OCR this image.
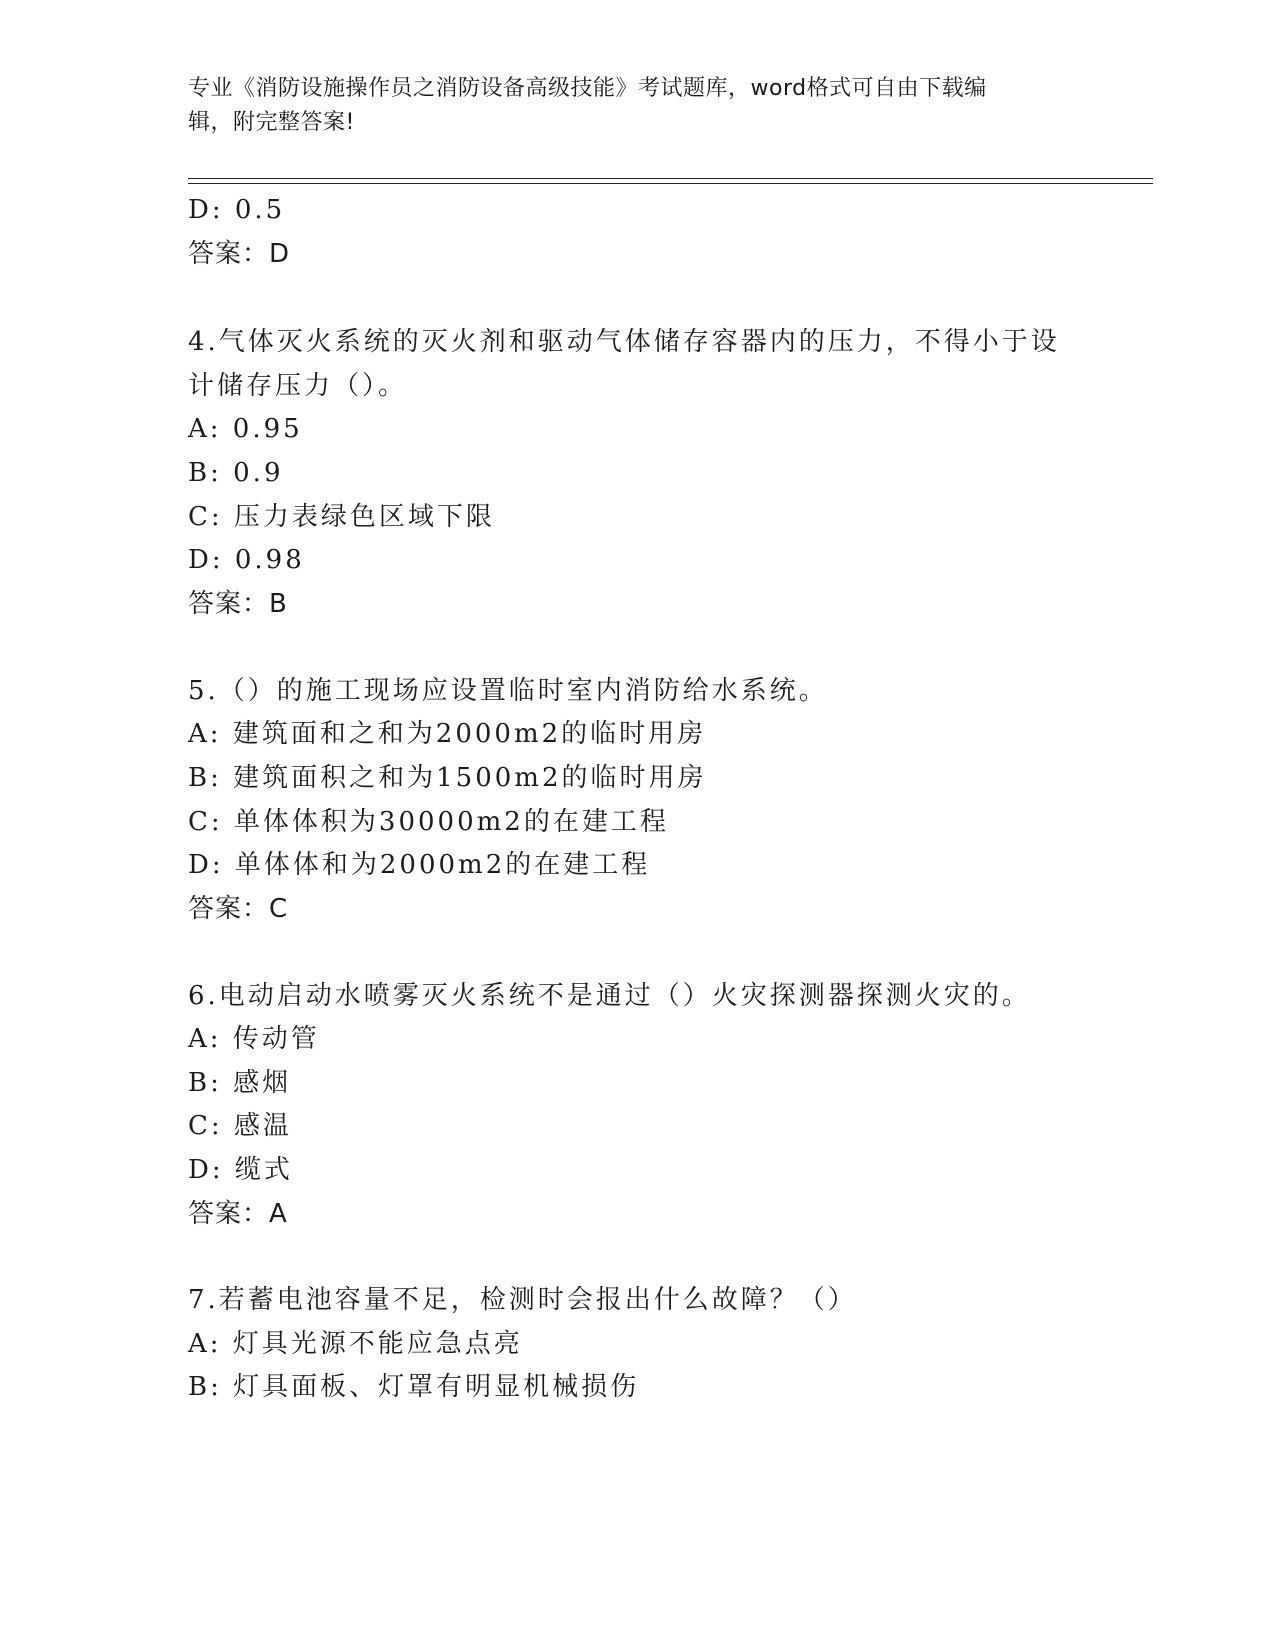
专业《消防设施操作员之消防设备高级技能》考试题库，word格式可自由下载编
辑，附完整答案!
D: 0.5
答案：D
4.气体灭火系统的灭火剂和驱动气体储存容器内的压力，不得小于设
计储存压力（）。
A: 0.95
B: 0.9
C: 压力表绿色区域下限
D: 0.98
答案：B
5.（）的施工现场应设置临时室内消防给水系统。
A: 建筑面和之和为2000m2的临时用房
B: 建筑面积之和为1500m2的临时用房
C: 单体体积为30000m2的在建工程
D: 单体体和为2000m2的在建工程
答案：C
6.电动启动水喷雾灭火系统不是通过（）火灾探测器探测火灾的。
A: 传动管
B: 感烟
C: 感温
D: 缆式
答案：A
7.若蓄电池容量不足，检测时会报出什么故障？（）
A: 灯具光源不能应急点亮
B: 灯具面板、灯罩有明显机械损伤
